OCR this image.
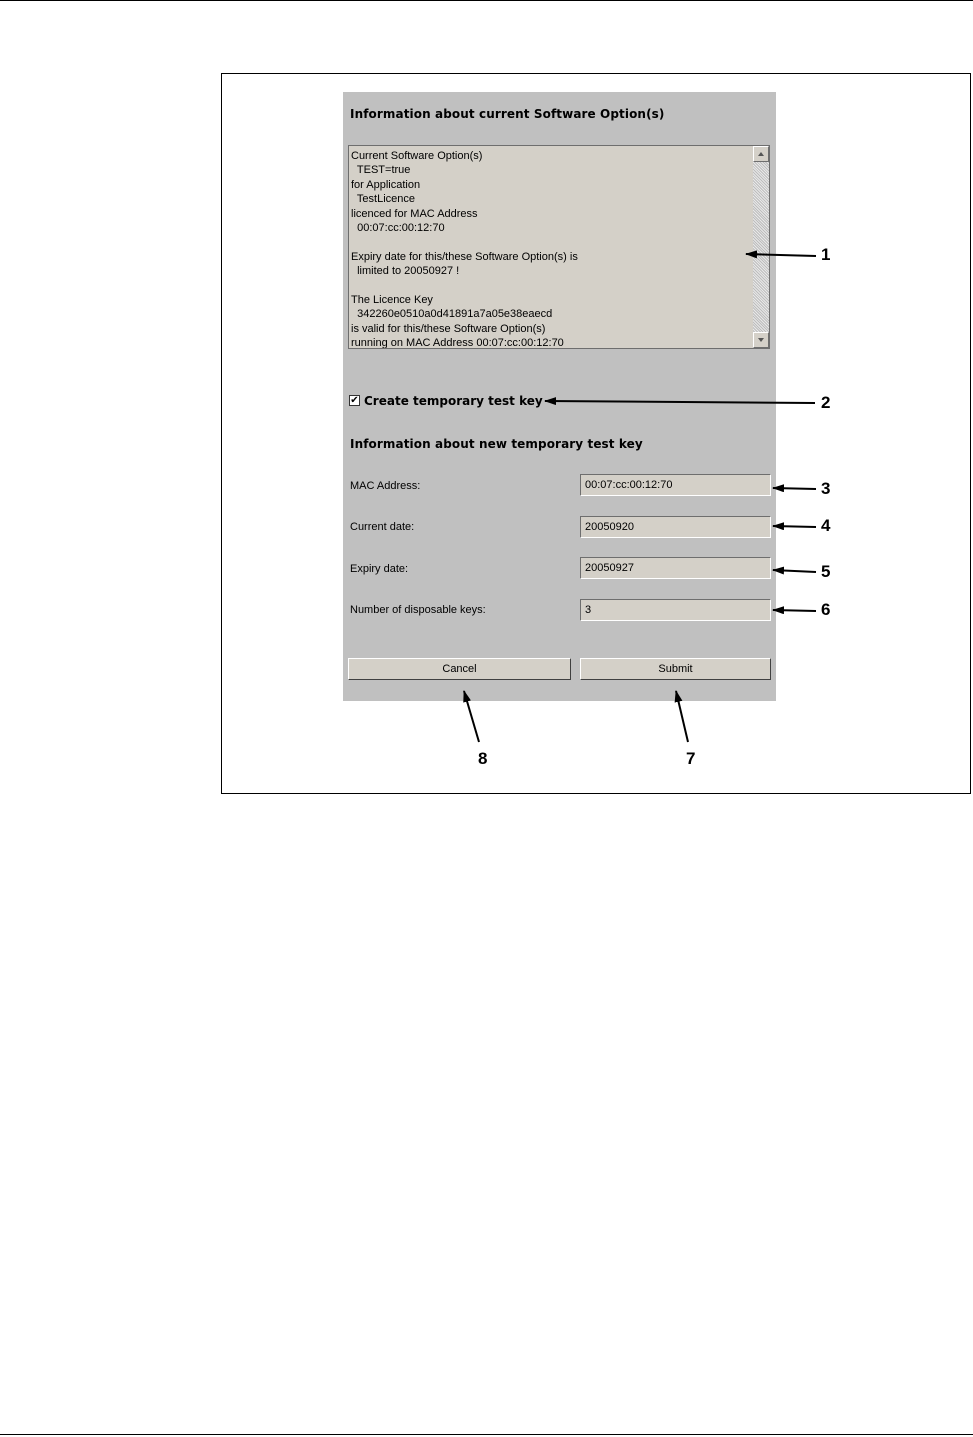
Information about current Software Option(s)
Current Software Option(s)
TEST=true
for Application
TestLicence
licenced for MAC Address
00:07:cc:00:12:70

Expiry date for this/these Software Option(s) is
limited to 20050927 !

The Licence Key
342260e0510a0d41891a7a05e38eaecd
is valid for this/these Software Option(s)
running on MAC Address 00:07:cc:00:12:70
✔ Create temporary test key
Information about new temporary test key
MAC Address:
00:07:cc:00:12:70
Current date:
20050920
Expiry date:
20050927
Number of disposable keys:
3
Cancel	Submit
1
2
3
4
5
6
7
8
